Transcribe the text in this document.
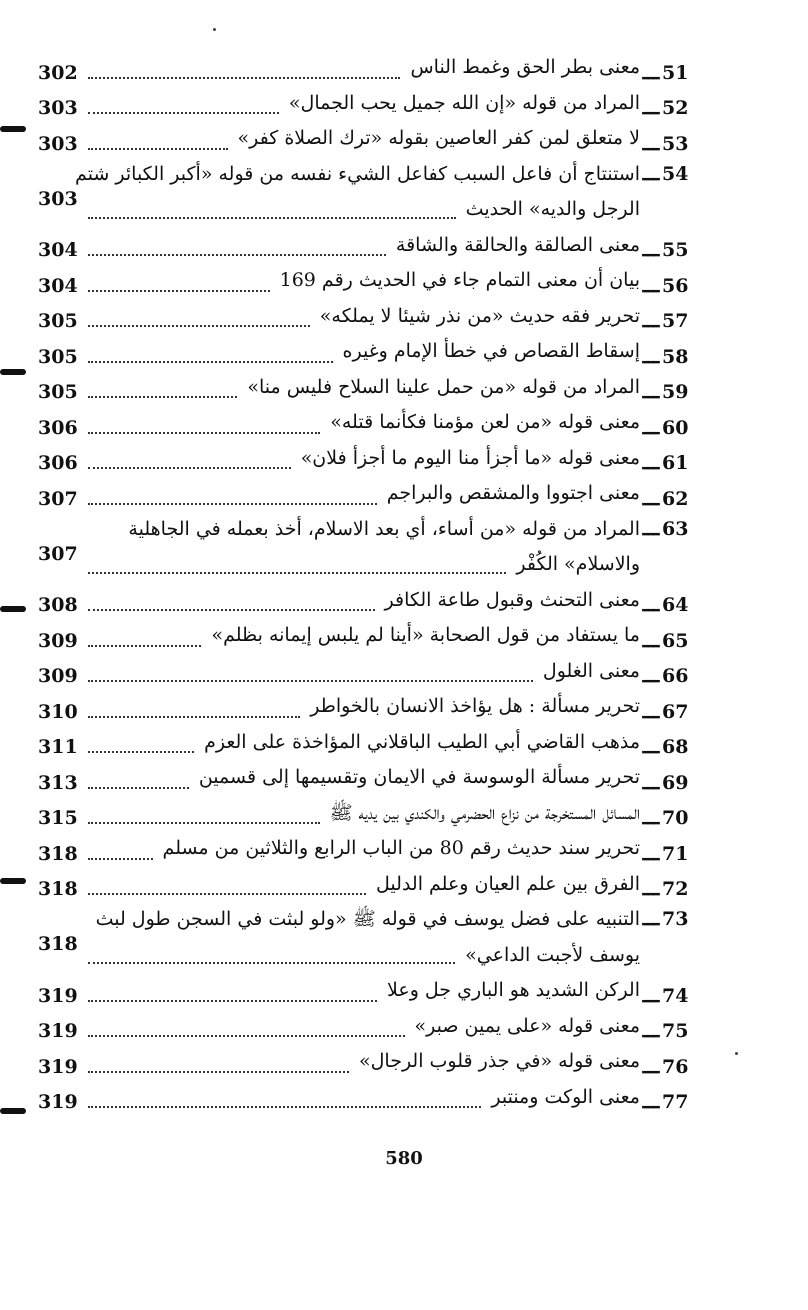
51
ـــ
معنى بطر الحق وغمط الناس
302
52
ـــ
المراد من قوله «إن الله جميل يحب الجمال»
303
53
ـــ
لا متعلق لمن كفر العاصين بقوله «ترك الصلاة كفر»
303
54
ـــ
استنتاج أن فاعل السبب كفاعل الشيء نفسه من قوله «أكبر الكبائر شتم
الرجل والديه» الحديث
303
55
ـــ
معنى الصالقة والحالقة والشاقة
304
56
ـــ
بيان أن معنى التمام جاء في الحديث رقم 169
304
57
ـــ
تحرير فقه حديث «من نذر شيئا لا يملكه»
305
58
ـــ
إسقاط القصاص في خطأ الإمام وغيره
305
59
ـــ
المراد من قوله «من حمل علينا السلاح فليس منا»
305
60
ـــ
معنى قوله «من لعن مؤمنا فكأنما قتله»
306
61
ـــ
معنى قوله «ما أجزأ منا اليوم ما أجزأ فلان»
306
62
ـــ
معنى اجتووا والمشقص والبراجم
307
63
ـــ
المراد من قوله «من أساء، أي بعد الاسلام، أخذ بعمله في الجاهلية
والاسلام» الكُفْر
307
64
ـــ
معنى التحنث وقبول طاعة الكافر
308
65
ـــ
ما يستفاد من قول الصحابة «أينا لم يلبس إيمانه بظلم»
309
66
ـــ
معنى الغلول
309
67
ـــ
تحرير مسألة : هل يؤاخذ الانسان بالخواطر
310
68
ـــ
مذهب القاضي أبي الطيب الباقلاني المؤاخذة على العزم
311
69
ـــ
تحرير مسألة الوسوسة في الايمان وتقسيمها إلى قسمين
313
70
ـــ
المسائل المستخرجة من نزاع الحضرمي والكندي بين يديه ﷺ
315
71
ـــ
تحرير سند حديث رقم 80 من الباب الرابع والثلاثين من مسلم
318
72
ـــ
الفرق بين علم العيان وعلم الدليل
318
73
ـــ
التنبيه على فضل يوسف في قوله ﷺ «ولو لبثت في السجن طول لبث
يوسف لأجبت الداعي»
318
74
ـــ
الركن الشديد هو الباري جل وعلا
319
75
ـــ
معنى قوله «على يمين صبر»
319
76
ـــ
معنى قوله «في جذر قلوب الرجال»
319
77
ـــ
معنى الوكت ومنتبر
319
580
